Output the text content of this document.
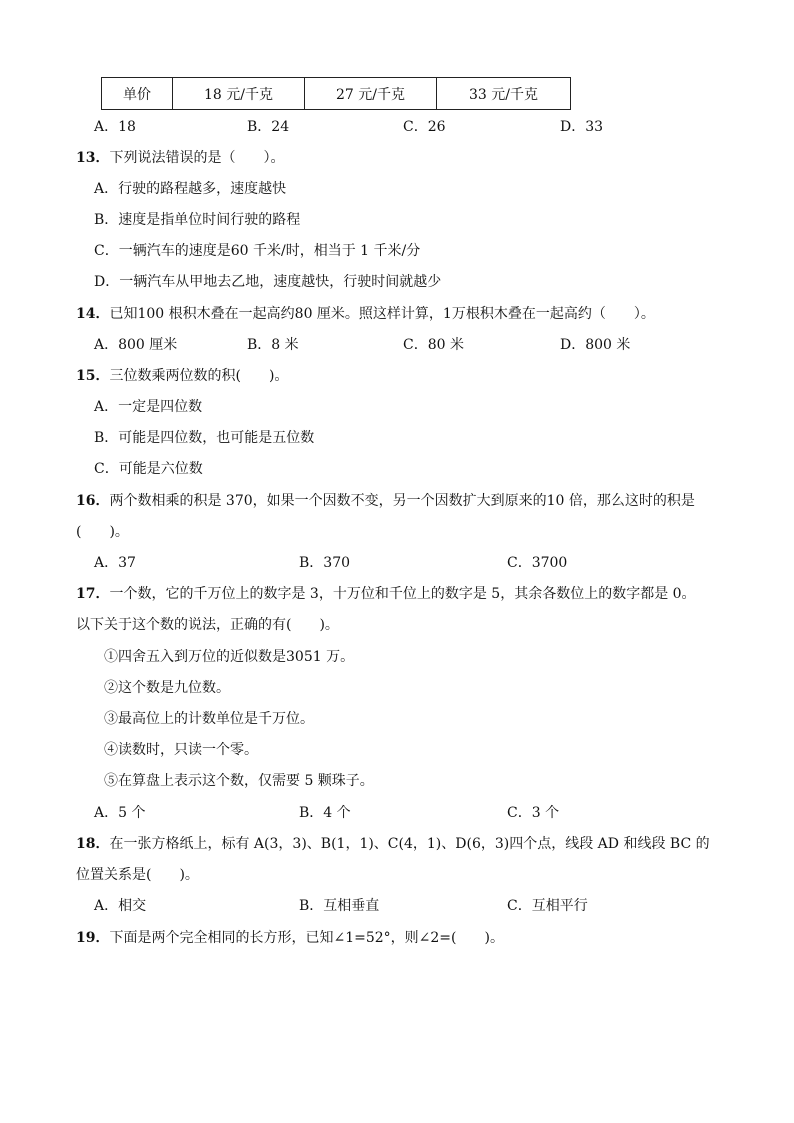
单价	18 元/千克	27 元/千克	33 元/千克
A．18	B．24	C．26	D．33
13．下列说法错误的是（　　）。
A．行驶的路程越多，速度越快
B．速度是指单位时间行驶的路程
C．一辆汽车的速度是60 千米/时，相当于 1 千米/分
D．一辆汽车从甲地去乙地，速度越快，行驶时间就越少
14．已知100 根积木叠在一起高约80 厘米。照这样计算，1万根积木叠在一起高约（　　）。
A．800 厘米	B．8 米	C．80 米	D．800 米
15．三位数乘两位数的积(　　)。
A．一定是四位数
B．可能是四位数，也可能是五位数
C．可能是六位数
16．两个数相乘的积是 370，如果一个因数不变，另一个因数扩大到原来的10 倍，那么这时的积是
(　　)。
A．37	B．370	C．3700
17．一个数，它的千万位上的数字是 3，十万位和千位上的数字是 5，其余各数位上的数字都是 0。
以下关于这个数的说法，正确的有(　　)。
①四舍五入到万位的近似数是3051 万。
②这个数是九位数。
③最高位上的计数单位是千万位。
④读数时，只读一个零。
⑤在算盘上表示这个数，仅需要 5 颗珠子。
A．5 个	B．4 个	C．3 个
18．在一张方格纸上，标有 A(3，3)、B(1，1)、C(4，1)、D(6，3)四个点，线段 AD 和线段 BC 的
位置关系是(　　)。
A．相交	B．互相垂直	C．互相平行
19．下面是两个完全相同的长方形，已知∠1=52°，则∠2=(　　)。
